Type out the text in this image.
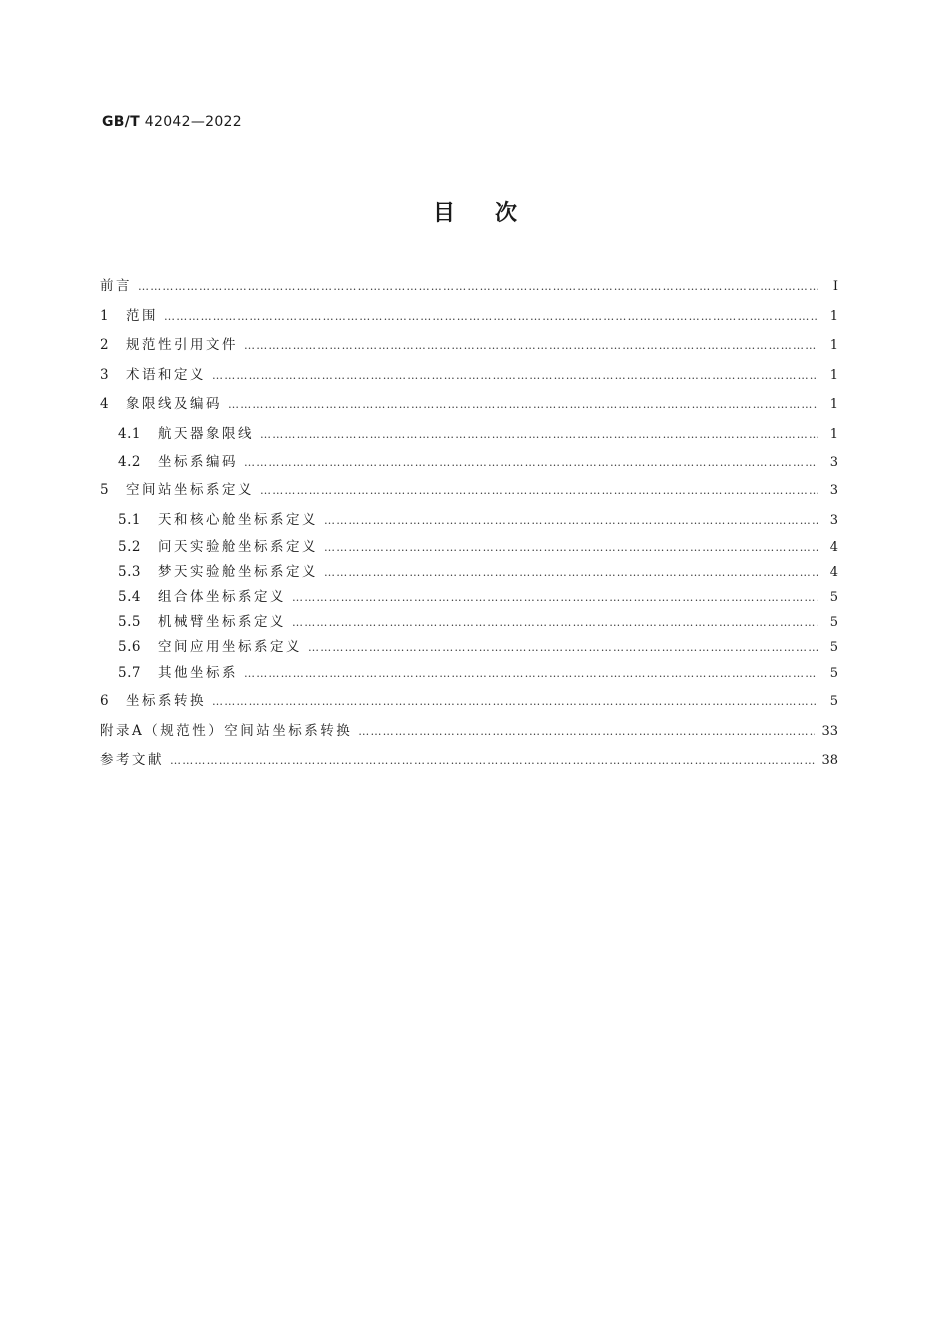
GB/T 42042—2022
目次
前言 …………………………………………………………………………………………………………………………………………………………………………………………………………	Ⅰ
1	范围 …………………………………………………………………………………………………………………………………………………………………………………………………………	1
2	规范性引用文件 …………………………………………………………………………………………………………………………………………………………………………………………………………	1
3	术语和定义 …………………………………………………………………………………………………………………………………………………………………………………………………………	1
4	象限线及编码 …………………………………………………………………………………………………………………………………………………………………………………………………………	1
4.1	航天器象限线 …………………………………………………………………………………………………………………………………………………………………………………………………………	1
4.2	坐标系编码 …………………………………………………………………………………………………………………………………………………………………………………………………………	3
5	空间站坐标系定义 …………………………………………………………………………………………………………………………………………………………………………………………………………	3
5.1	天和核心舱坐标系定义 …………………………………………………………………………………………………………………………………………………………………………………………………………	3
5.2	问天实验舱坐标系定义 …………………………………………………………………………………………………………………………………………………………………………………………………………	4
5.3	梦天实验舱坐标系定义 …………………………………………………………………………………………………………………………………………………………………………………………………………	4
5.4	组合体坐标系定义 …………………………………………………………………………………………………………………………………………………………………………………………………………	5
5.5	机械臂坐标系定义 …………………………………………………………………………………………………………………………………………………………………………………………………………	5
5.6	空间应用坐标系定义 …………………………………………………………………………………………………………………………………………………………………………………………………………	5
5.7	其他坐标系 …………………………………………………………………………………………………………………………………………………………………………………………………………	5
6	坐标系转换 …………………………………………………………………………………………………………………………………………………………………………………………………………	5
附录A（规范性）空间站坐标系转换 …………………………………………………………………………………………………………………………………………………………………………………………………………	33
参考文献 …………………………………………………………………………………………………………………………………………………………………………………………………………	38
